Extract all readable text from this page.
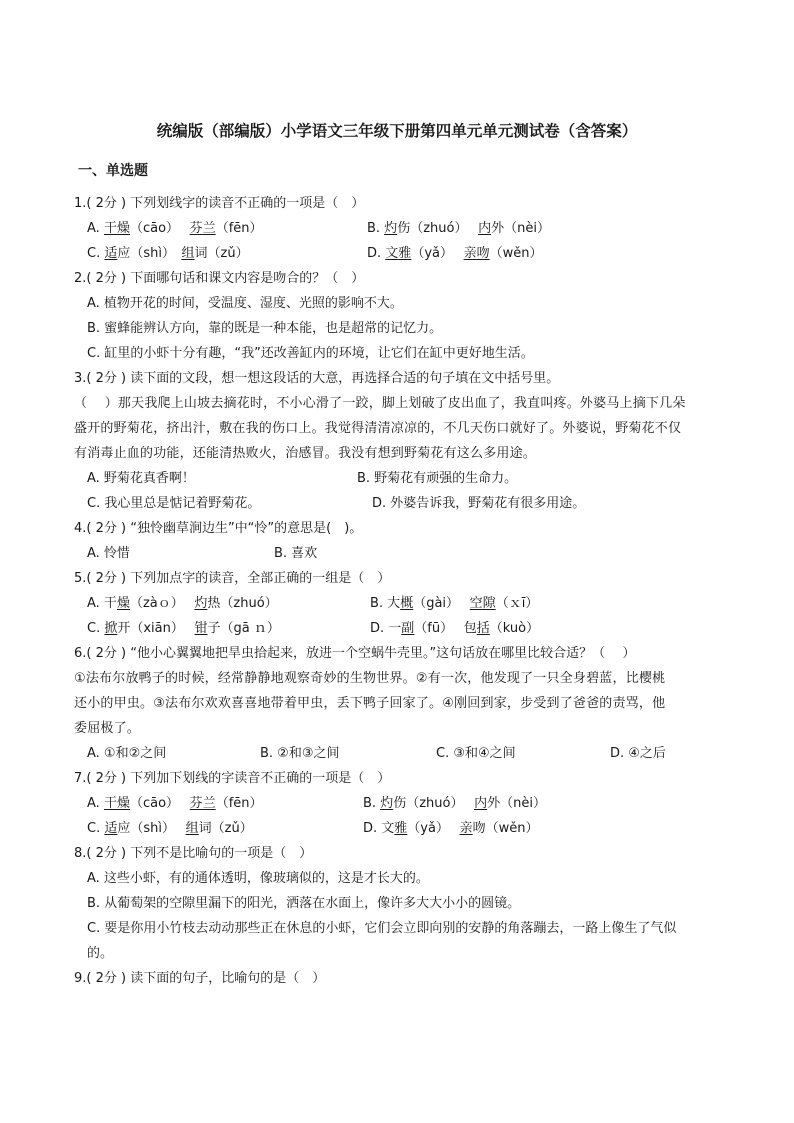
统编版（部编版）小学语文三年级下册第四单元单元测试卷（含答案）
一、单选题
1.( 2分 ) 下列划线字的读音不正确的一项是（　）
A. 干燥（cāo）　 芬兰（fēn）	B. 灼伤（zhuó）　 内外（nèi）
C. 适应（shì）　组词（zǔ）	D. 文雅（yǎ）　 亲吻（wěn）
2.( 2分 ) 下面哪句话和课文内容是吻合的？（　）
A. 植物开花的时间，受温度、湿度、光照的影响不大。
B. 蜜蜂能辨认方向，靠的既是一种本能，也是超常的记忆力。
C. 缸里的小虾十分有趣，“我”还改善缸内的环境，让它们在缸中更好地生活。
3.( 2分 ) 读下面的文段，想一想这段话的大意，再选择合适的句子填在文中括号里。
（　 ）那天我爬上山坡去摘花时，不小心滑了一跤，脚上划破了皮出血了，我直叫疼。外婆马上摘下几朵
盛开的野菊花，挤出汁，敷在我的伤口上。我觉得清清凉凉的，不几天伤口就好了。外婆说，野菊花不仅
有消毒止血的功能，还能清热败火，治感冒。我没有想到野菊花有这么多用途。
A. 野菊花真香啊！	B. 野菊花有顽强的生命力。
C. 我心里总是惦记着野菊花。	D. 外婆告诉我，野菊花有很多用途。
4.( 2分 ) “独怜幽草涧边生”中“怜”的意思是(　)。
A. 怜惜	B. 喜欢
5.( 2分 ) 下列加点字的读音，全部正确的一组是（　）
A. 干燥（zàｏ）　 灼热（zhuó）	B. 大概（gài）　 空隙（ｘī）
C. 掀开（xiān）　 钳子（gā ｎ）	D. 一副（fū）　 包括（kuò）
6.( 2分 ) “他小心翼翼地把旱虫拾起来，放进一个空蜗牛壳里。”这句话放在哪里比较合适？（　 ）
①法布尔放鸭子的时候，经常静静地观察奇妙的生物世界。②有一次，他发现了一只全身碧蓝，比樱桃
还小的甲虫。③法布尔欢欢喜喜地带着甲虫，丢下鸭子回家了。④刚回到家，步受到了爸爸的责骂，他
委屈极了。
A. ①和②之间	B. ②和③之间	C. ③和④之间	D. ④之后
7.( 2分 ) 下列加下划线的字读音不正确的一项是（　）
A. 干燥（cāo）　 芬兰（fēn）	B. 灼伤（zhuó）　 内外（nèi）
C. 适应（shì）　 组词（zǔ）	D. 文雅（yǎ）　 亲吻（wěn）
8.( 2分 ) 下列不是比喻句的一项是（　）
A. 这些小虾，有的通体透明，像玻璃似的，这是才长大的。
B. 从葡萄架的空隙里漏下的阳光，洒落在水面上，像许多大大小小的圆镜。
C. 要是你用小竹枝去动动那些正在休息的小虾，它们会立即向别的安静的角落蹦去，一路上像生了气似
的。
9.( 2分 ) 读下面的句子，比喻句的是（　）
